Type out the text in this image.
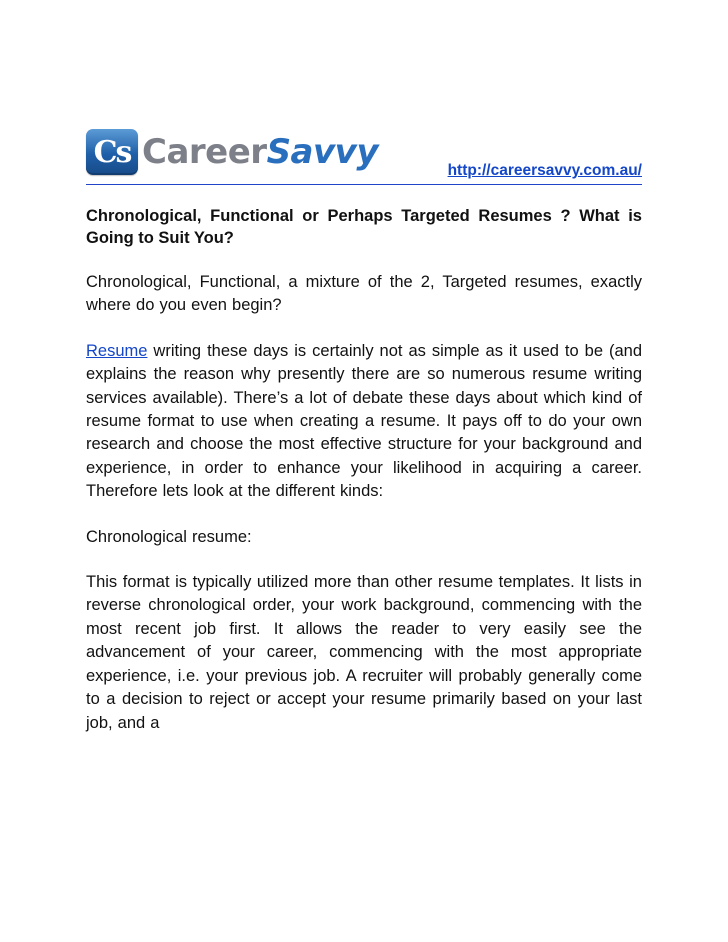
Cs CareerSavvy	http://careersavvy.com.au/
Chronological, Functional or Perhaps Targeted Resumes ? What is Going to Suit You?

Chronological, Functional, a mixture of the 2, Targeted resumes, exactly where do you even begin?

Resume writing these days is certainly not as simple as it used to be (and explains the reason why presently there are so numerous resume writing services available). There’s a lot of debate these days about which kind of resume format to use when creating a resume. It pays off to do your own research and choose the most effective structure for your background and experience, in order to enhance your likelihood in acquiring a career. Therefore lets look at the different kinds:

Chronological resume:

This format is typically utilized more than other resume templates. It lists in reverse chronological order, your work background, commencing with the most recent job first. It allows the reader to very easily see the advancement of your career, commencing with the most appropriate experience, i.e. your previous job. A recruiter will probably generally come to a decision to reject or accept your resume primarily based on your last job, and a
